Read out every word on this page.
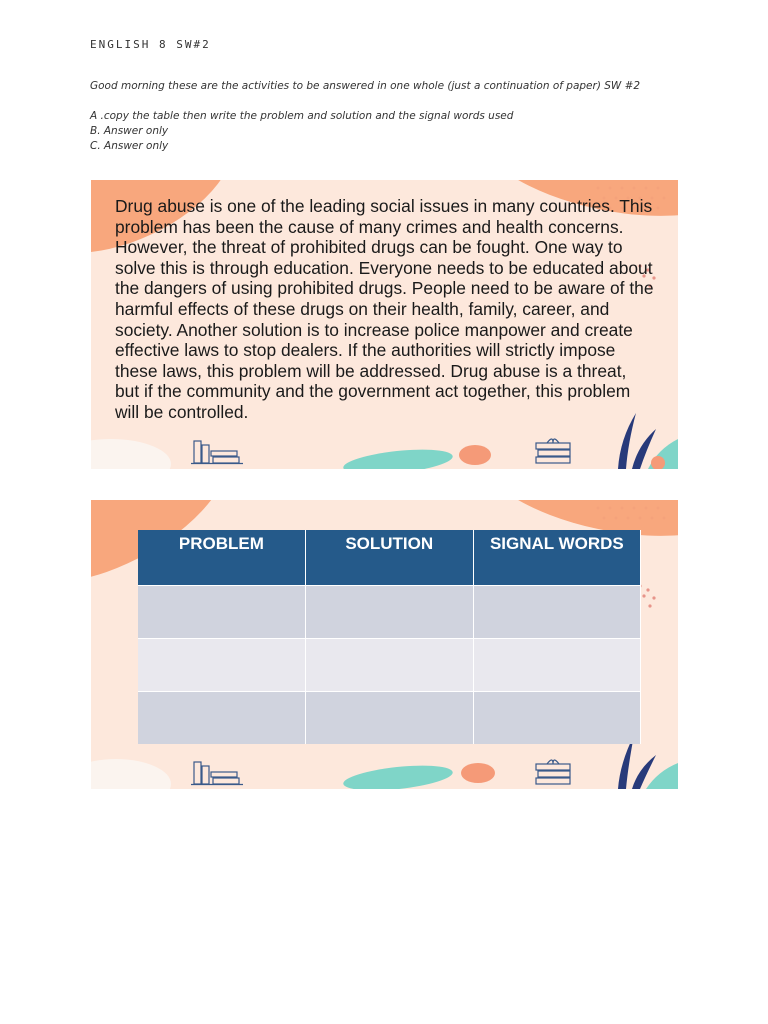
ENGLISH 8 SW#2
Good morning these are the activities to be answered in one whole (just a continuation of paper) SW #2
A .copy the table then write the problem and solution and the signal words used
B. Answer only
C. Answer only
Drug abuse is one of the leading social issues in many countries. This problem has been the cause of many crimes and health concerns. However, the threat of prohibited drugs can be fought. One way to solve this is through education. Everyone needs to be educated about the dangers of using prohibited drugs. People need to be aware of the harmful effects of these drugs on their health, family, career, and society. Another solution is to increase police manpower and create effective laws to stop dealers. If the authorities will strictly impose these laws, this problem will be addressed. Drug abuse is a threat, but if the community and the government act together, this problem will be controlled.
PROBLEM	SOLUTION	SIGNAL WORDS
